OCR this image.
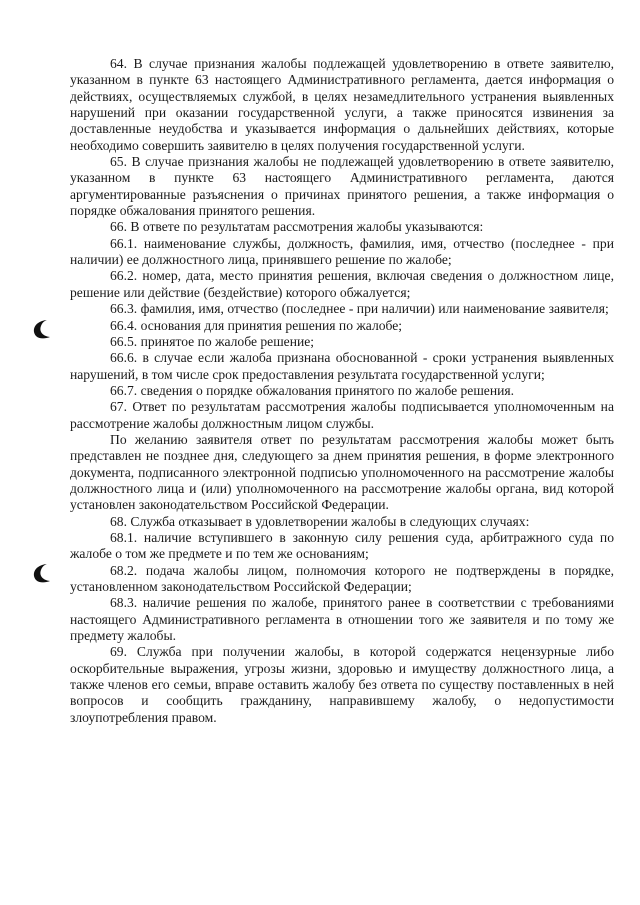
64. В случае признания жалобы подлежащей удовлетворению в ответе заявителю, указанном в пункте 63 настоящего Административного регламента, дается информация о действиях, осуществляемых службой, в целях незамедлительного устранения выявленных нарушений при оказании государственной услуги, а также приносятся извинения за доставленные неудобства и указывается информация о дальнейших действиях, которые необходимо совершить заявителю в целях получения государственной услуги.

65. В случае признания жалобы не подлежащей удовлетворению в ответе заявителю, указанном в пункте 63 настоящего Административного регламента, даются аргументированные разъяснения о причинах принятого решения, а также информация о порядке обжалования принятого решения.

66. В ответе по результатам рассмотрения жалобы указываются:

66.1. наименование службы, должность, фамилия, имя, отчество (последнее - при наличии) ее должностного лица, принявшего решение по жалобе;

66.2. номер, дата, место принятия решения, включая сведения о должностном лице, решение или действие (бездействие) которого обжалуется;

66.3. фамилия, имя, отчество (последнее - при наличии) или наименование заявителя;

66.4. основания для принятия решения по жалобе;

66.5. принятое по жалобе решение;

66.6. в случае если жалоба признана обоснованной - сроки устранения выявленных нарушений, в том числе срок предоставления результата государственной услуги;

66.7. сведения о порядке обжалования принятого по жалобе решения.

67. Ответ по результатам рассмотрения жалобы подписывается уполномоченным на рассмотрение жалобы должностным лицом службы.

По желанию заявителя ответ по результатам рассмотрения жалобы может быть представлен не позднее дня, следующего за днем принятия решения, в форме электронного документа, подписанного электронной подписью уполномоченного на рассмотрение жалобы должностного лица и (или) уполномоченного на рассмотрение жалобы органа, вид которой установлен законодательством Российской Федерации.

68. Служба отказывает в удовлетворении жалобы в следующих случаях:

68.1. наличие вступившего в законную силу решения суда, арбитражного суда по жалобе о том же предмете и по тем же основаниям;

68.2. подача жалобы лицом, полномочия которого не подтверждены в порядке, установленном законодательством Российской Федерации;

68.3. наличие решения по жалобе, принятого ранее в соответствии с требованиями настоящего Административного регламента в отношении того же заявителя и по тому же предмету жалобы.

69. Служба при получении жалобы, в которой содержатся нецензурные либо оскорбительные выражения, угрозы жизни, здоровью и имуществу должностного лица, а также членов его семьи, вправе оставить жалобу без ответа по существу поставленных в ней вопросов и сообщить гражданину, направившему жалобу, о недопустимости злоупотребления правом.
